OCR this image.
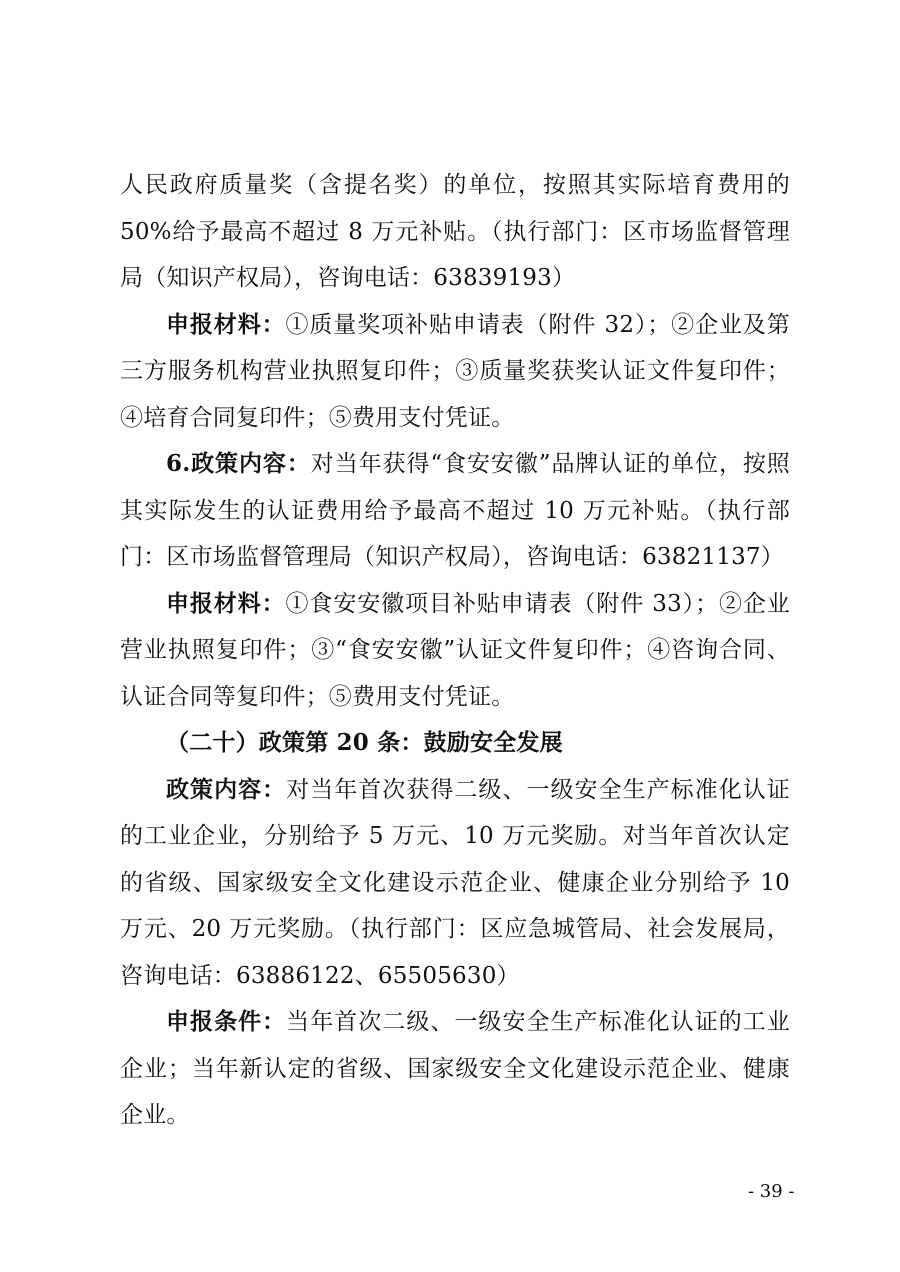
人民政府质量奖（含提名奖）的单位，按照其实际培育费用的50%给予最高不超过 8 万元补贴。（执行部门：区市场监督管理局（知识产权局），咨询电话：63839193）

申报材料：①质量奖项补贴申请表（附件 32）；②企业及第三方服务机构营业执照复印件；③质量奖获奖认证文件复印件；④培育合同复印件；⑤费用支付凭证。

6.政策内容：对当年获得“食安安徽”品牌认证的单位，按照其实际发生的认证费用给予最高不超过 10 万元补贴。（执行部门：区市场监督管理局（知识产权局），咨询电话：63821137）

申报材料：①食安安徽项目补贴申请表（附件 33）；②企业营业执照复印件；③“食安安徽”认证文件复印件；④咨询合同、认证合同等复印件；⑤费用支付凭证。

（二十）政策第 20 条：鼓励安全发展

政策内容：对当年首次获得二级、一级安全生产标准化认证的工业企业，分别给予 5 万元、10 万元奖励。对当年首次认定的省级、国家级安全文化建设示范企业、健康企业分别给予 10 万元、20 万元奖励。（执行部门：区应急城管局、社会发展局，咨询电话：63886122、65505630）

申报条件：当年首次二级、一级安全生产标准化认证的工业企业；当年新认定的省级、国家级安全文化建设示范企业、健康企业。

- 39 -
